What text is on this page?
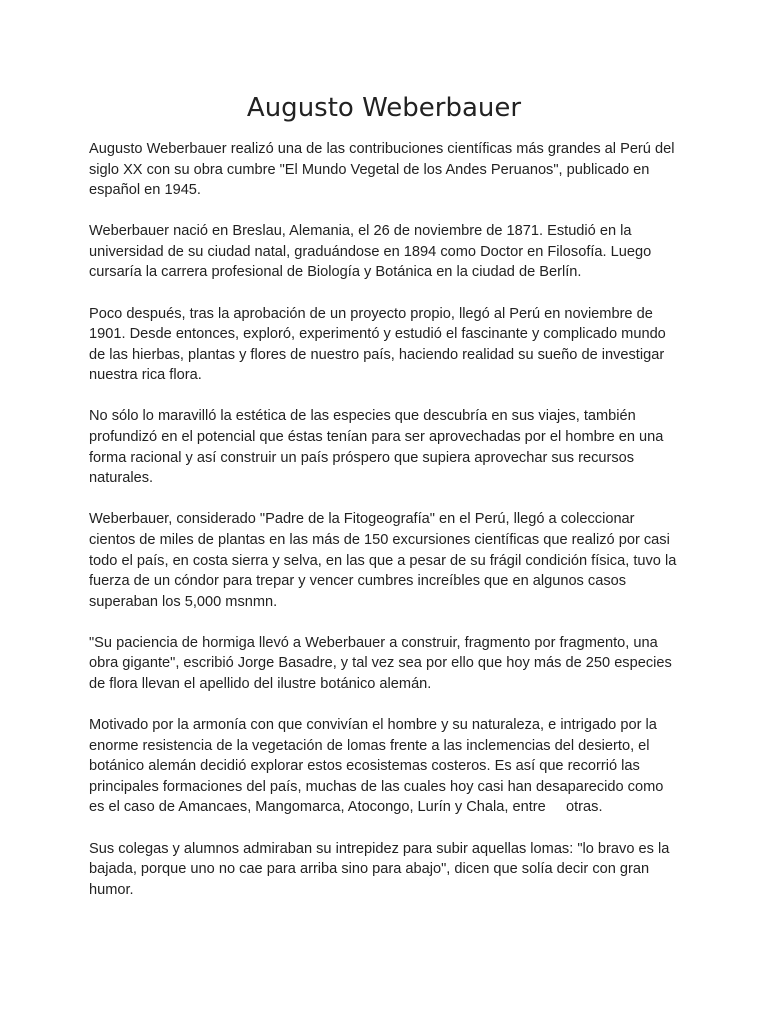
Augusto Weberbauer

Augusto Weberbauer realizó una de las contribuciones científicas más grandes al Perú del siglo XX con su obra cumbre "El Mundo Vegetal de los Andes Peruanos", publicado en español en 1945.

Weberbauer nació en Breslau, Alemania, el 26 de noviembre de 1871. Estudió en la universidad de su ciudad natal, graduándose en 1894 como Doctor en Filosofía. Luego cursaría la carrera profesional de Biología y Botánica en la ciudad de Berlín.

Poco después, tras la aprobación de un proyecto propio, llegó al Perú en noviembre de 1901. Desde entonces, exploró, experimentó y estudió el fascinante y complicado mundo de las hierbas, plantas y flores de nuestro país, haciendo realidad su sueño de investigar nuestra rica flora.

No sólo lo maravilló la estética de las especies que descubría en sus viajes, también profundizó en el potencial que éstas tenían para ser aprovechadas por el hombre en una forma racional y así construir un país próspero que supiera aprovechar sus recursos naturales.

Weberbauer, considerado "Padre de la Fitogeografía" en el Perú, llegó a coleccionar cientos de miles de plantas en las más de 150 excursiones científicas que realizó por casi todo el país, en costa sierra y selva, en las que a pesar de su frágil condición física, tuvo la fuerza de un cóndor para trepar y vencer cumbres increíbles que en algunos casos superaban los 5,000 msnmn.

"Su paciencia de hormiga llevó a Weberbauer a construir, fragmento por fragmento, una obra gigante", escribió Jorge Basadre, y tal vez sea por ello que hoy más de 250 especies de flora llevan el apellido del ilustre botánico alemán.

Motivado por la armonía con que convivían el hombre y su naturaleza, e intrigado por la enorme resistencia de la vegetación de lomas frente a las inclemencias del desierto, el botánico alemán decidió explorar estos ecosistemas costeros. Es así que recorrió las principales formaciones del país, muchas de las cuales hoy casi han desaparecido como es el caso de Amancaes, Mangomarca, Atocongo, Lurín y Chala, entre     otras.

Sus colegas y alumnos admiraban su intrepidez para subir aquellas lomas: "lo bravo es la bajada, porque uno no cae para arriba sino para abajo", dicen que solía decir con gran humor.
